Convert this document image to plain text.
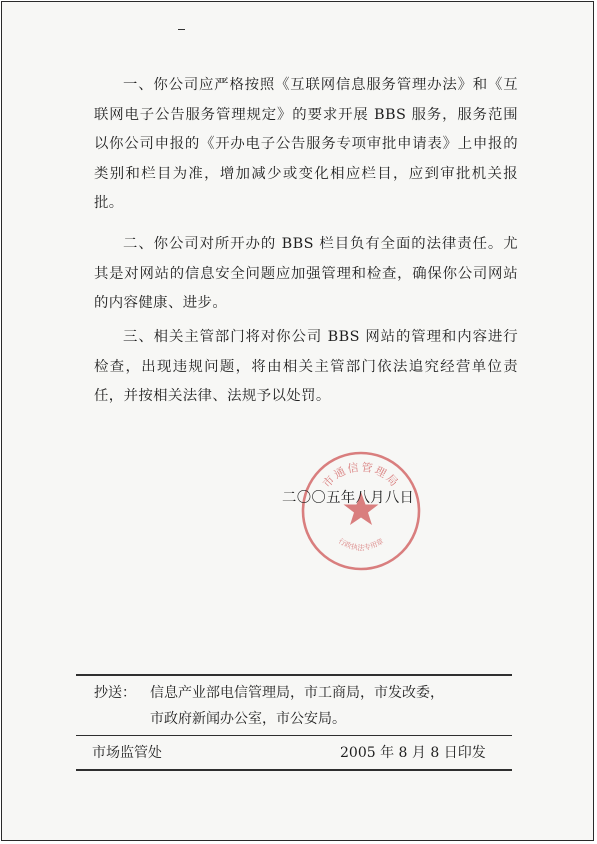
一、你公司应严格按照《互联网信息服务管理办法》和《互联网电子公告服务管理规定》的要求开展 BBS 服务，服务范围以你公司申报的《开办电子公告服务专项审批申请表》上申报的类别和栏目为准，增加减少或变化相应栏目，应到审批机关报批。

二、你公司对所开办的 BBS 栏目负有全面的法律责任。尤其是对网站的信息安全问题应加强管理和检查，确保你公司网站的内容健康、进步。

三、相关主管部门将对你公司 BBS 网站的管理和内容进行检查，出现违规问题，将由相关主管部门依法追究经营单位责任，并按相关法律、法规予以处罚。

市通信管理局
行政执法专用章
二〇〇五年八月八日
抄送： 信息产业部电信管理局，市工商局，市发改委，
市政府新闻办公室，市公安局。
市场监管处	2005 年 8 月 8 日印发
